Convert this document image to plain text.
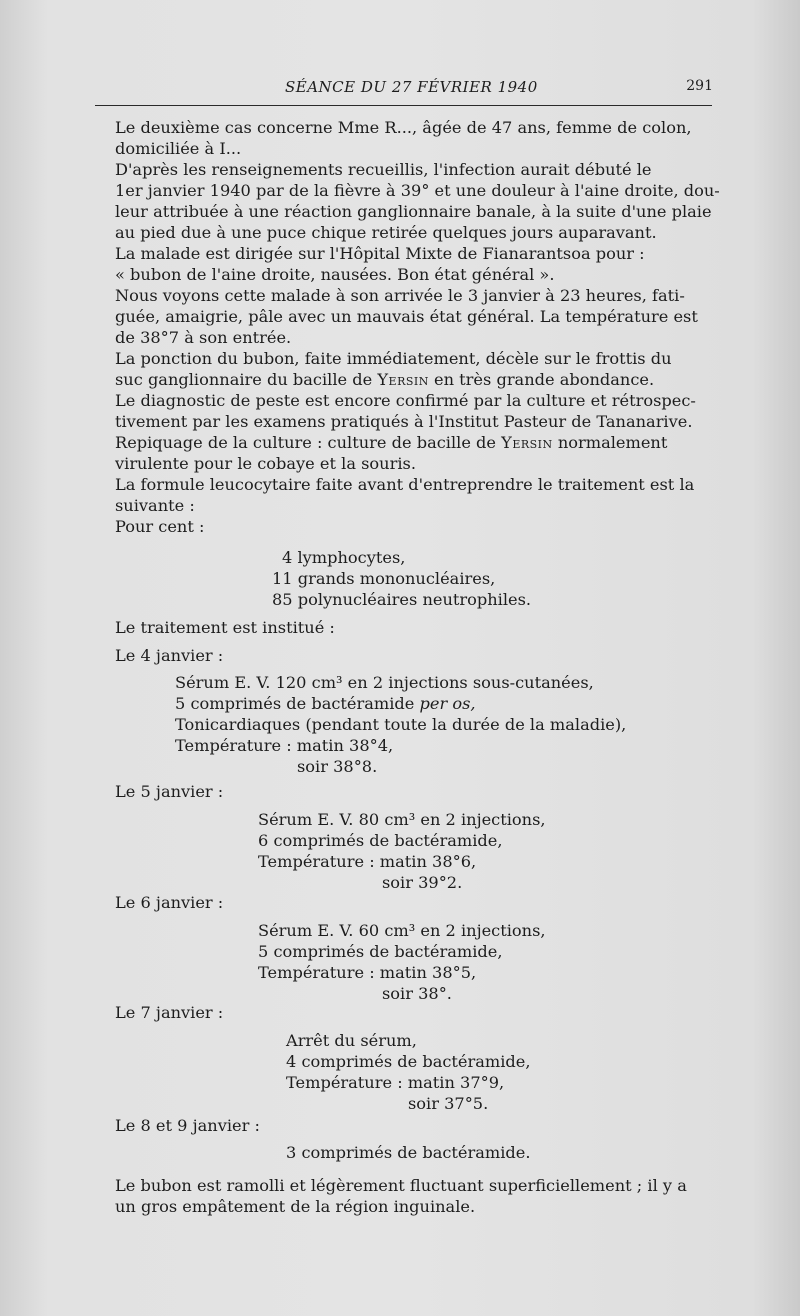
SÉANCE DU 27 FÉVRIER 1940	291
Le deuxième cas concerne Mme R..., âgée de 47 ans, femme de colon,
domiciliée à I...
D'après les renseignements recueillis, l'infection aurait débuté le
1er janvier 1940 par de la fièvre à 39° et une douleur à l'aine droite, dou-
leur attribuée à une réaction ganglionnaire banale, à la suite d'une plaie
au pied due à une puce chique retirée quelques jours auparavant.
La malade est dirigée sur l'Hôpital Mixte de Fianarantsoa pour :
« bubon de l'aine droite, nausées. Bon état général ».
Nous voyons cette malade à son arrivée le 3 janvier à 23 heures, fati-
guée, amaigrie, pâle avec un mauvais état général. La température est
de 38°7 à son entrée.
La ponction du bubon, faite immédiatement, décèle sur le frottis du
suc ganglionnaire du bacille de Yersin en très grande abondance.
Le diagnostic de peste est encore confirmé par la culture et rétrospec-
tivement par les examens pratiqués à l'Institut Pasteur de Tananarive.
Repiquage de la culture : culture de bacille de Yersin normalement
virulente pour le cobaye et la souris.
La formule leucocytaire faite avant d'entreprendre le traitement est la
suivante :
Pour cent :
4 lymphocytes,
11 grands mononucléaires,
85 polynucléaires neutrophiles.
Le traitement est institué :
Le 4 janvier :
Sérum E. V. 120 cm³ en 2 injections sous-cutanées,
5 comprimés de bactéramide per os,
Tonicardiaques (pendant toute la durée de la maladie),
Température : matin 38°4,
soir 38°8.
Le 5 janvier :
Sérum E. V. 80 cm³ en 2 injections,
6 comprimés de bactéramide,
Température : matin 38°6,
soir 39°2.
Le 6 janvier :
Sérum E. V. 60 cm³ en 2 injections,
5 comprimés de bactéramide,
Température : matin 38°5,
soir 38°.
Le 7 janvier :
Arrêt du sérum,
4 comprimés de bactéramide,
Température : matin 37°9,
soir 37°5.
Le 8 et 9 janvier :
3 comprimés de bactéramide.
Le bubon est ramolli et légèrement fluctuant superficiellement ; il y a
un gros empâtement de la région inguinale.
